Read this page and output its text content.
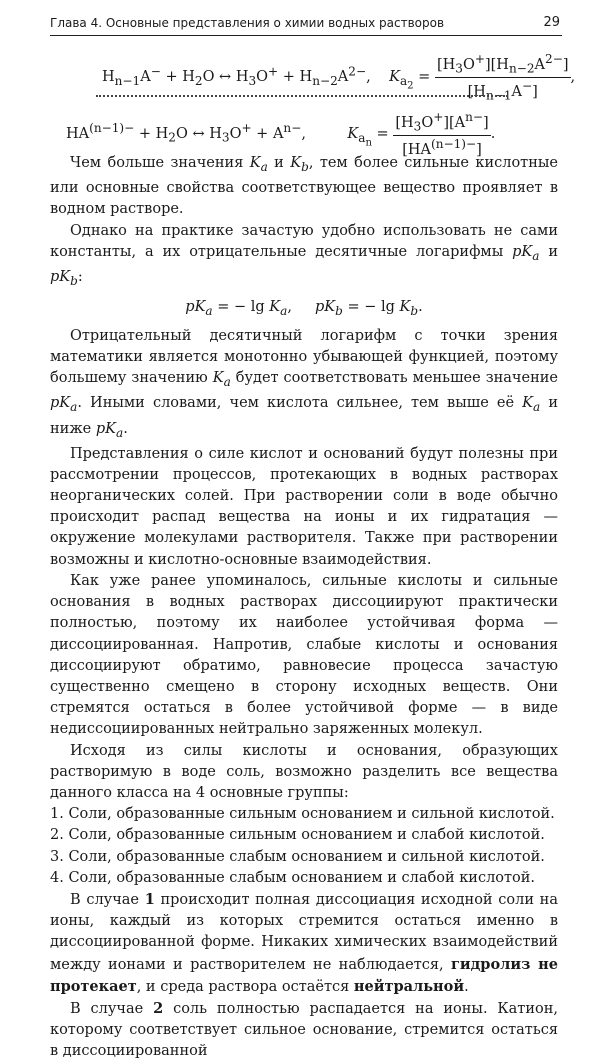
Глава 4. Основные представления о химии водных растворов	29
$H_{n-1}A^- + H_2O$ ↔ $H_3O^+ + H_{n-2}A^{2-}$,    $K_{a_2} = \frac{[H_3O^+][H_{n-2}A^{2-}]}{[H_{n-1}A^-]}$ ,
$HA^{(n-1)-} + H_2O$ ↔ $H_3O^+ + A^{n-}$,         $K_{a_n} = \frac{[H_3O^+][A^{n-}]}{[HA^{(n-1)-}]}$ .

Чем больше значения $K_a$ и $K_b$, тем более сильные кислотные или основные свойства соответствующее вещество проявляет в водном растворе.

Однако на практике зачастую удобно использовать не сами константы, а их отрицательные десятичные логарифмы $pK_a$ и $pK_b$:

$pK_a$ = − $\lg K_a$,     $pK_b$ = − $\lg K_b$.

Отрицательный десятичный логарифм с точки зрения математики является монотонно убывающей функцией, поэтому большему значению $K_a$ будет соответствовать меньшее значение $pK_a$. Иными словами, чем кислота сильнее, тем выше её $K_a$ и ниже $pK_a$.

Представления о силе кислот и оснований будут полезны при рассмотрении процессов, протекающих в водных растворах неорганических солей. При растворении соли в воде обычно происходит распад вещества на ионы и их гидратация — окружение молекулами растворителя. Также при растворении возможны и кислотно-основные взаимодействия.

Как уже ранее упоминалось, сильные кислоты и сильные основания в водных растворах диссоциируют практически полностью, поэтому их наиболее устойчивая форма — диссоциированная. Напротив, слабые кислоты и основания диссоциируют обратимо, равновесие процесса зачастую существенно смещено в сторону исходных веществ. Они стремятся остаться в более устойчивой форме — в виде недиссоциированных нейтрально заряженных молекул.

Исходя из силы кислоты и основания, образующих растворимую в воде соль, возможно разделить все вещества данного класса на 4 основные группы:

1. Соли, образованные сильным основанием и сильной кислотой.
2. Соли, образованные сильным основанием и слабой кислотой.
3. Соли, образованные слабым основанием и сильной кислотой.
4. Соли, образованные слабым основанием и слабой кислотой.

В случае 1 происходит полная диссоциация исходной соли на ионы, каждый из которых стремится остаться именно в диссоциированной форме. Никаких химических взаимодействий между ионами и растворителем не наблюдается, гидролиз не протекает, и среда раствора остаётся нейтральной.

В случае 2 соль полностью распадается на ионы. Катион, которому соответствует сильное основание, стремится остаться в диссоциированной
